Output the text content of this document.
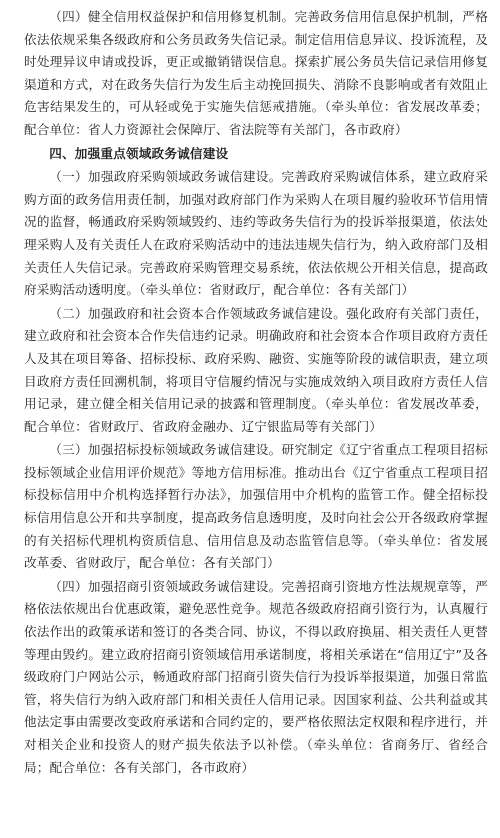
（四）健全信用权益保护和信用修复机制。完善政务信用信息保护机制，严格依法依规采集各级政府和公务员政务失信记录。制定信用信息异议、投诉流程，及时处理异议申请或投诉，更正或撤销错误信息。探索扩展公务员失信记录信用修复渠道和方式，对在政务失信行为发生后主动挽回损失、消除不良影响或者有效阻止危害结果发生的，可从轻或免于实施失信惩戒措施。（牵头单位：省发展改革委；配合单位：省人力资源社会保障厅、省法院等有关部门，各市政府）

四、加强重点领域政务诚信建设

（一）加强政府采购领域政务诚信建设。完善政府采购诚信体系，建立政府采购方面的政务信用责任制，加强对政府部门作为采购人在项目履约验收环节信用情况的监督，畅通政府采购领域毁约、违约等政务失信行为的投诉举报渠道，依法处理采购人及有关责任人在政府采购活动中的违法违规失信行为，纳入政府部门及相关责任人失信记录。完善政府采购管理交易系统，依法依规公开相关信息，提高政府采购活动透明度。（牵头单位：省财政厅，配合单位：各有关部门）

（二）加强政府和社会资本合作领域政务诚信建设。强化政府有关部门责任，建立政府和社会资本合作失信违约记录。明确政府和社会资本合作项目政府方责任人及其在项目筹备、招标投标、政府采购、融资、实施等阶段的诚信职责，建立项目政府方责任回溯机制，将项目守信履约情况与实施成效纳入项目政府方责任人信用记录，建立健全相关信用记录的披露和管理制度。（牵头单位：省发展改革委，配合单位：省财政厅、省政府金融办、辽宁银监局等有关部门）

（三）加强招标投标领域政务诚信建设。研究制定《辽宁省重点工程项目招标投标领域企业信用评价规范》等地方信用标准。推动出台《辽宁省重点工程项目招标投标信用中介机构选择暂行办法》，加强信用中介机构的监管工作。健全招标投标信用信息公开和共享制度，提高政务信息透明度，及时向社会公开各级政府掌握的有关招标代理机构资质信息、信用信息及动态监管信息等。（牵头单位：省发展改革委、省财政厅，配合单位：各有关部门）

（四）加强招商引资领域政务诚信建设。完善招商引资地方性法规规章等，严格依法依规出台优惠政策，避免恶性竞争。规范各级政府招商引资行为，认真履行依法作出的政策承诺和签订的各类合同、协议，不得以政府换届、相关责任人更替等理由毁约。建立政府招商引资领域信用承诺制度，将相关承诺在“信用辽宁”及各级政府门户网站公示，畅通政府部门招商引资失信行为投诉举报渠道，加强日常监管，将失信行为纳入政府部门和相关责任人信用记录。因国家利益、公共利益或其他法定事由需要改变政府承诺和合同约定的，要严格依照法定权限和程序进行，并对相关企业和投资人的财产损失依法予以补偿。（牵头单位：省商务厅、省经合局；配合单位：各有关部门，各市政府）
